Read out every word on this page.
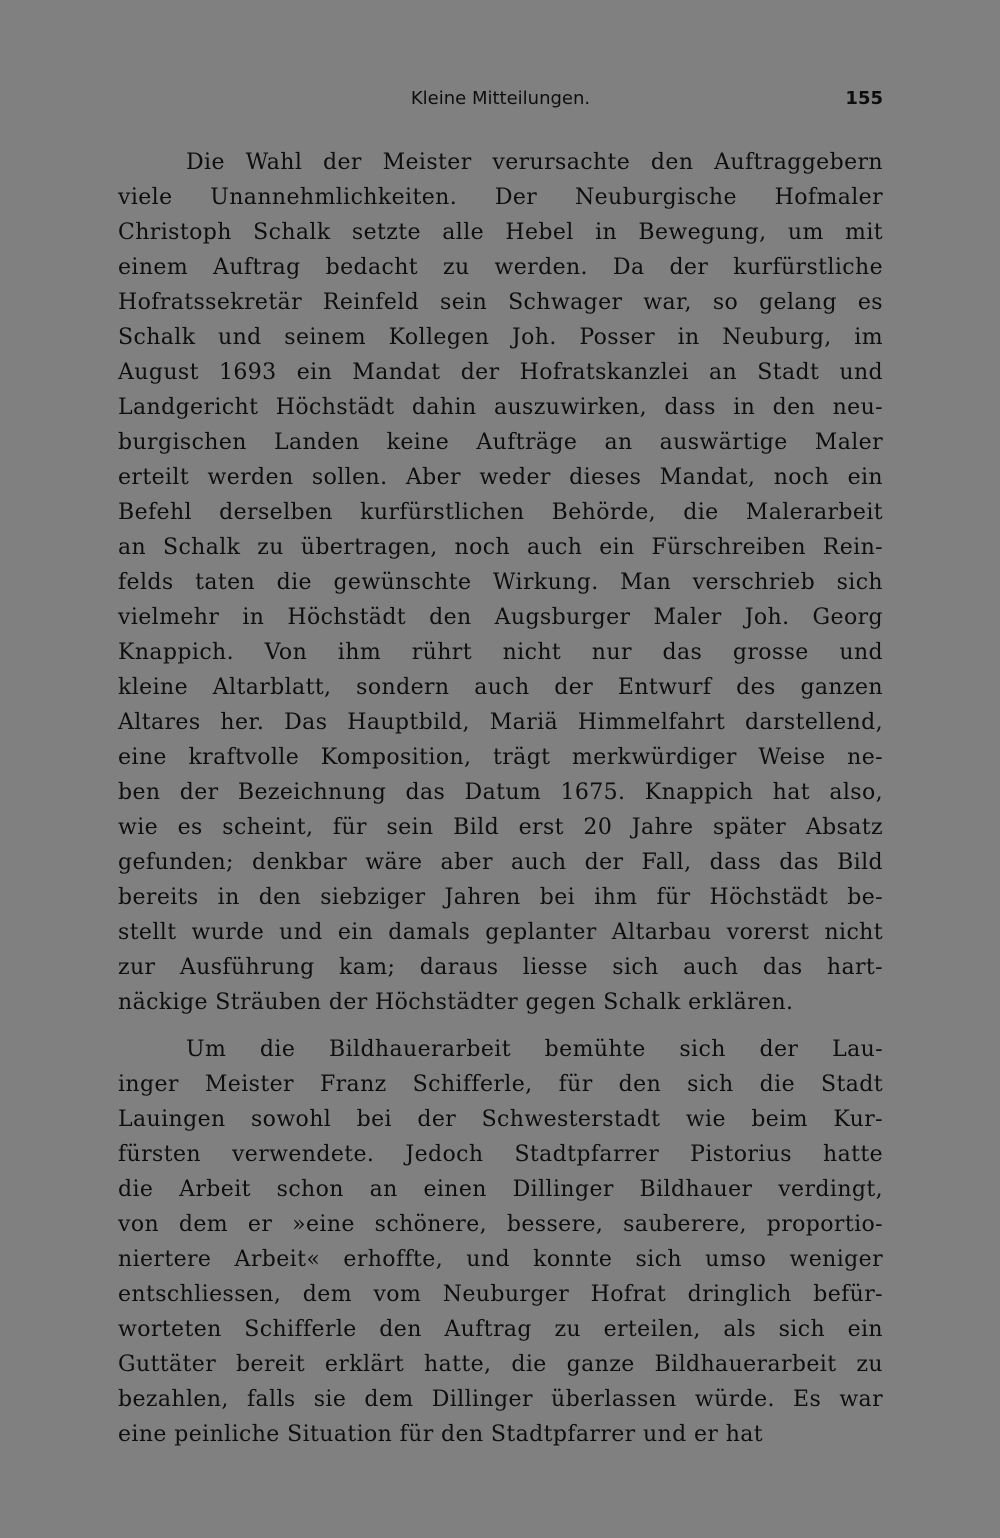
Kleine Mitteilungen.	155

Die Wahl der Meister verursachte den Auftraggebern
viele Unannehmlichkeiten. Der Neuburgische Hofmaler
Christoph Schalk setzte alle Hebel in Bewegung, um mit
einem Auftrag bedacht zu werden. Da der kurfürstliche
Hofratssekretär Reinfeld sein Schwager war, so gelang es
Schalk und seinem Kollegen Joh. Posser in Neuburg, im
August 1693 ein Mandat der Hofratskanzlei an Stadt und
Landgericht Höchstädt dahin auszuwirken, dass in den neu-
burgischen Landen keine Aufträge an auswärtige Maler
erteilt werden sollen. Aber weder dieses Mandat, noch ein
Befehl derselben kurfürstlichen Behörde, die Malerarbeit
an Schalk zu übertragen, noch auch ein Fürschreiben Rein-
felds taten die gewünschte Wirkung. Man verschrieb sich
vielmehr in Höchstädt den Augsburger Maler Joh. Georg
Knappich. Von ihm rührt nicht nur das grosse und
kleine Altarblatt, sondern auch der Entwurf des ganzen
Altares her. Das Hauptbild, Mariä Himmelfahrt darstellend,
eine kraftvolle Komposition, trägt merkwürdiger Weise ne-
ben der Bezeichnung das Datum 1675. Knappich hat also,
wie es scheint, für sein Bild erst 20 Jahre später Absatz
gefunden; denkbar wäre aber auch der Fall, dass das Bild
bereits in den siebziger Jahren bei ihm für Höchstädt be-
stellt wurde und ein damals geplanter Altarbau vorerst nicht
zur Ausführung kam; daraus liesse sich auch das hart-
näckige Sträuben der Höchstädter gegen Schalk erklären.

Um die Bildhauerarbeit bemühte sich der Lau-
inger Meister Franz Schifferle, für den sich die Stadt
Lauingen sowohl bei der Schwesterstadt wie beim Kur-
fürsten verwendete. Jedoch Stadtpfarrer Pistorius hatte
die Arbeit schon an einen Dillinger Bildhauer verdingt,
von dem er »eine schönere, bessere, sauberere, proportio-
niertere Arbeit« erhoffte, und konnte sich umso weniger
entschliessen, dem vom Neuburger Hofrat dringlich befür-
worteten Schifferle den Auftrag zu erteilen, als sich ein
Guttäter bereit erklärt hatte, die ganze Bildhauerarbeit zu
bezahlen, falls sie dem Dillinger überlassen würde. Es war
eine peinliche Situation für den Stadtpfarrer und er hat
